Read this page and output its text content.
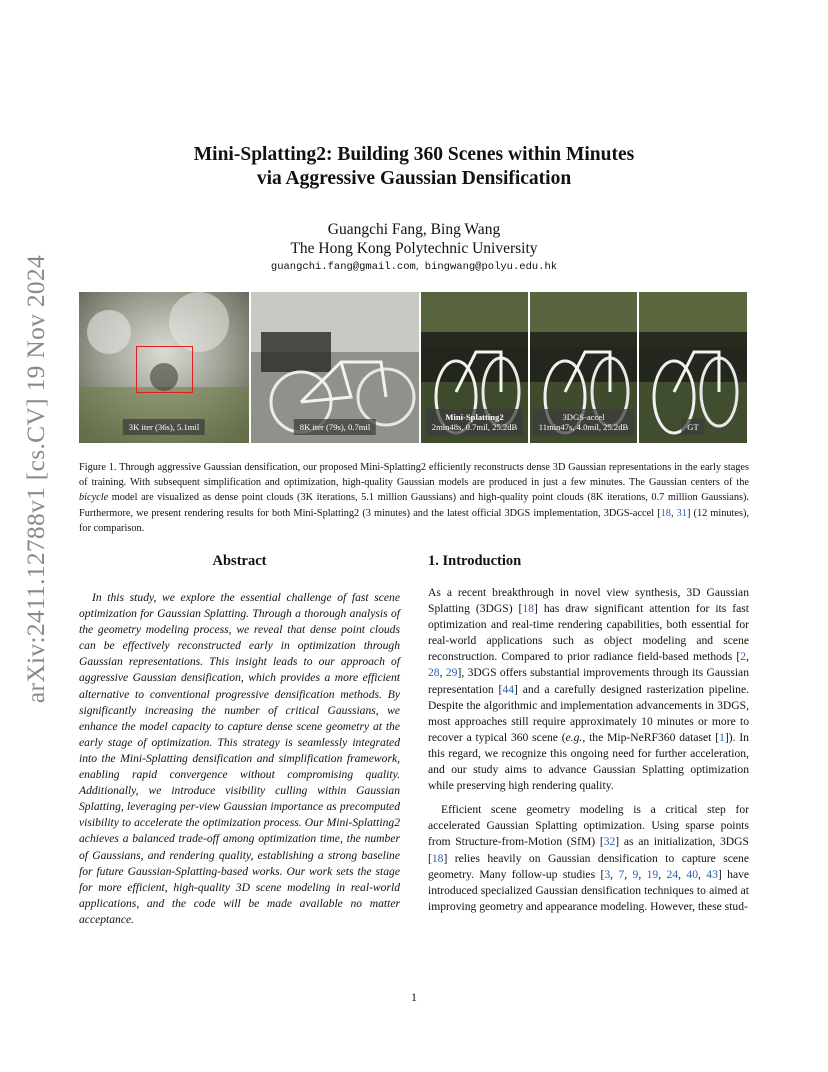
arXiv:2411.12788v1 [cs.CV] 19 Nov 2024
Mini-Splatting2: Building 360 Scenes within Minutes
via Aggressive Gaussian Densification
Guangchi Fang, Bing Wang
The Hong Kong Polytechnic University
guangchi.fang@gmail.com, bingwang@polyu.edu.hk
3K iter (36s), 5.1mil	8K iter (79s), 0.7mil
Mini-Splatting2
2min48s, 0.7mil, 25.2dB
3DGS-accel
11min47s, 4.0mil, 25.2dB	GT
Figure 1. Through aggressive Gaussian densification, our proposed Mini-Splatting2 efficiently reconstructs dense 3D Gaussian representations in the early stages of training. With subsequent simplification and optimization, high-quality Gaussian models are produced in just a few minutes. The Gaussian centers of the bicycle model are visualized as dense point clouds (3K iterations, 5.1 million Gaussians) and high-quality point clouds (8K iterations, 0.7 million Gaussians). Furthermore, we present rendering results for both Mini-Splatting2 (3 minutes) and the latest official 3DGS implementation, 3DGS-accel [18, 31] (12 minutes), for comparison.
Abstract
In this study, we explore the essential challenge of fast scene optimization for Gaussian Splatting. Through a thorough analysis of the geometry modeling process, we reveal that dense point clouds can be effectively reconstructed early in optimization through Gaussian representations. This insight leads to our approach of aggressive Gaussian densification, which provides a more efficient alternative to conventional progressive densification methods. By significantly increasing the number of critical Gaussians, we enhance the model capacity to capture dense scene geometry at the early stage of optimization. This strategy is seamlessly integrated into the Mini-Splatting densification and simplification framework, enabling rapid convergence without compromising quality. Additionally, we introduce visibility culling within Gaussian Splatting, leveraging per-view Gaussian importance as precomputed visibility to accelerate the optimization process. Our Mini-Splatting2 achieves a balanced trade-off among optimization time, the number of Gaussians, and rendering quality, establishing a strong baseline for future Gaussian-Splatting-based works. Our work sets the stage for more efficient, high-quality 3D scene modeling in real-world applications, and the code will be made available no matter acceptance.
1. Introduction

As a recent breakthrough in novel view synthesis, 3D Gaussian Splatting (3DGS) [18] has draw significant attention for its fast optimization and real-time rendering capabilities, both essential for real-world applications such as object modeling and scene reconstruction. Compared to prior radiance field-based methods [2, 28, 29], 3DGS offers substantial improvements through its Gaussian representation [44] and a carefully designed rasterization pipeline. Despite the algorithmic and implementation advancements in 3DGS, most approaches still require approximately 10 minutes or more to recover a typical 360 scene (e.g., the Mip-NeRF360 dataset [1]). In this regard, we recognize this ongoing need for further acceleration, and our study aims to advance Gaussian Splatting optimization while preserving high rendering quality.

Efficient scene geometry modeling is a critical step for accelerated Gaussian Splatting optimization. Using sparse points from Structure-from-Motion (SfM) [32] as an initialization, 3DGS [18] relies heavily on Gaussian densification to capture scene geometry. Many follow-up studies [3, 7, 9, 19, 24, 40, 43] have introduced specialized Gaussian densification techniques to aimed at improving geometry and appearance modeling. However, these stud-

1
